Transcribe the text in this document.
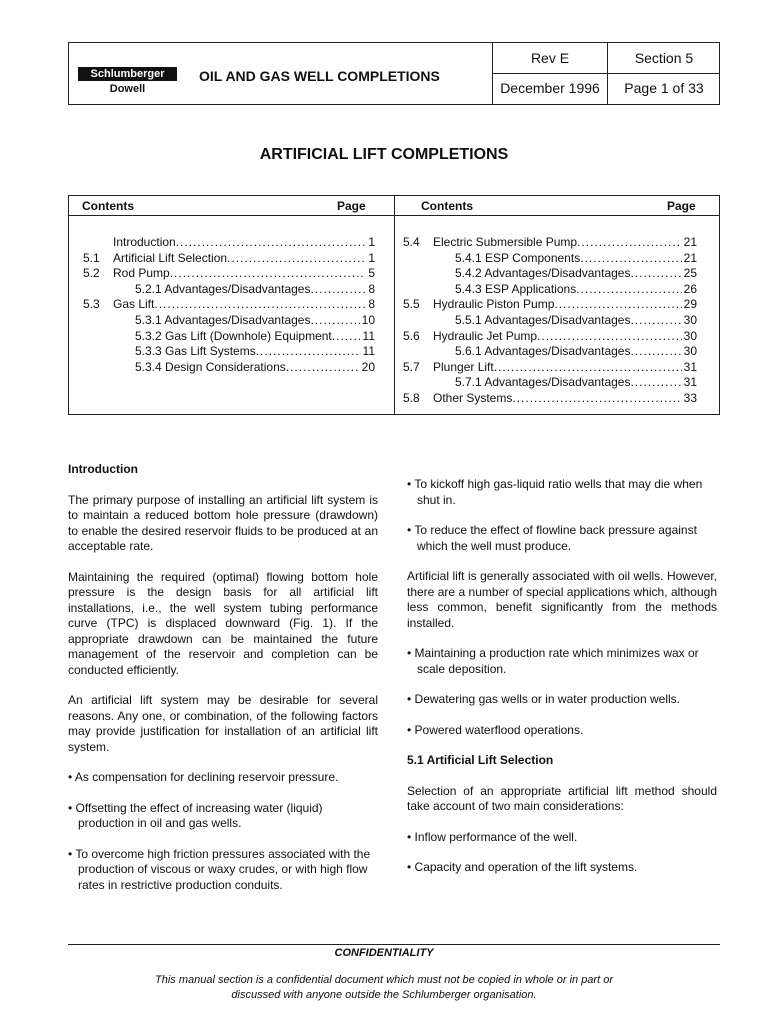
Schlumberger
Dowell
OIL AND GAS WELL COMPLETIONS
Rev E	Section 5
December 1996	Page 1 of 33
ARTIFICIAL LIFT COMPLETIONS
Contents	Page	Contents	Page
Introduction .....	1
5.1 Artificial Lift Selection .....	1
5.2 Rod Pump .....	5
5.2.1 Advantages/Disadvantages .....	8
5.3 Gas Lift .....	8
5.3.1 Advantages/Disadvantages .....	10
5.3.2 Gas Lift (Downhole) Equipment .....	11
5.3.3 Gas Lift Systems .....	11
5.3.4 Design Considerations .....	20
5.4 Electric Submersible Pump .....	21
5.4.1 ESP Components .....	21
5.4.2 Advantages/Disadvantages .....	25
5.4.3 ESP Applications .....	26
5.5 Hydraulic Piston Pump .....	29
5.5.1 Advantages/Disadvantages .....	30
5.6 Hydraulic Jet Pump .....	30
5.6.1 Advantages/Disadvantages .....	30
5.7 Plunger Lift .....	31
5.7.1 Advantages/Disadvantages .....	31
5.8 Other Systems .....	33
Introduction

The primary purpose of installing an artificial lift system is to maintain a reduced bottom hole pressure (drawdown) to enable the desired reservoir fluids to be produced at an acceptable rate.

Maintaining the required (optimal) flowing bottom hole pressure is the design basis for all artificial lift installations, i.e., the well system tubing performance curve (TPC) is displaced downward (Fig. 1). If the appropriate drawdown can be maintained the future management of the reservoir and completion can be conducted efficiently.

An artificial lift system may be desirable for several reasons. Any one, or combination, of the following factors may provide justification for installation of an artificial lift system.

• As compensation for declining reservoir pressure.

• Offsetting the effect of increasing water (liquid) production in oil and gas wells.

• To overcome high friction pressures associated with the production of viscous or waxy crudes, or with high flow rates in restrictive production conduits.

• To kickoff high gas-liquid ratio wells that may die when shut in.

• To reduce the effect of flowline back pressure against which the well must produce.

Artificial lift is generally associated with oil wells. However, there are a number of special applications which, although less common, benefit significantly from the methods installed.

• Maintaining a production rate which minimizes wax or scale deposition.

• Dewatering gas wells or in water production wells.

• Powered waterflood operations.

5.1 Artificial Lift Selection

Selection of an appropriate artificial lift method should take account of two main considerations:

• Inflow performance of the well.

• Capacity and operation of the lift systems.

CONFIDENTIALITY
This manual section is a confidential document which must not be copied in whole or in part or
discussed with anyone outside the Schlumberger organisation.
